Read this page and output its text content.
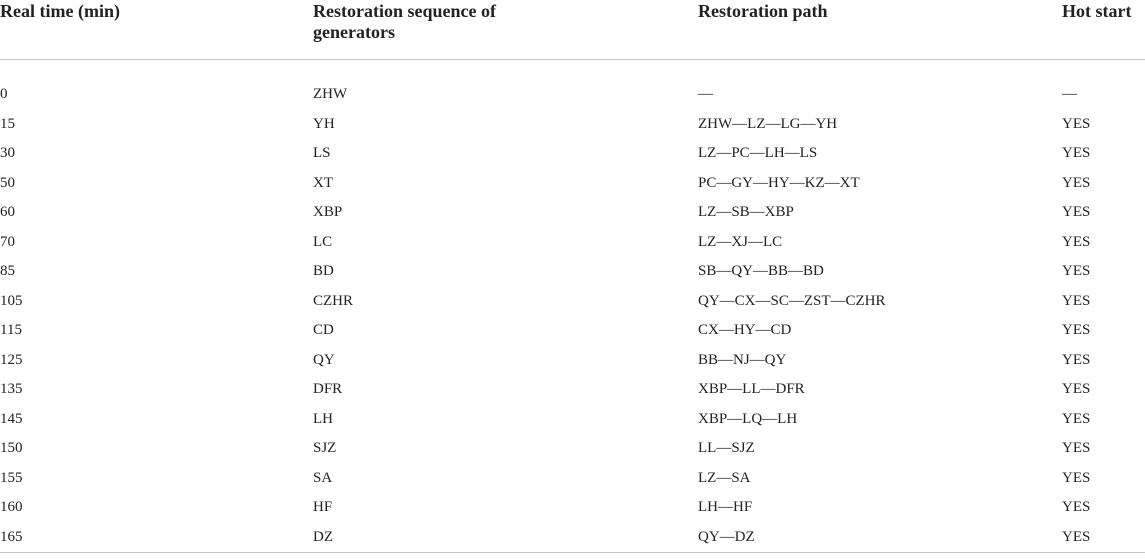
Real time (min)	Restoration sequence of generators	Restoration path	Hot start
0	ZHW	—	—
15	YH	ZHW—LZ—LG—YH	YES
30	LS	LZ—PC—LH—LS	YES
50	XT	PC—GY—HY—KZ—XT	YES
60	XBP	LZ—SB—XBP	YES
70	LC	LZ—XJ—LC	YES
85	BD	SB—QY—BB—BD	YES
105	CZHR	QY—CX—SC—ZST—CZHR	YES
115	CD	CX—HY—CD	YES
125	QY	BB—NJ—QY	YES
135	DFR	XBP—LL—DFR	YES
145	LH	XBP—LQ—LH	YES
150	SJZ	LL—SJZ	YES
155	SA	LZ—SA	YES
160	HF	LH—HF	YES
165	DZ	QY—DZ	YES
